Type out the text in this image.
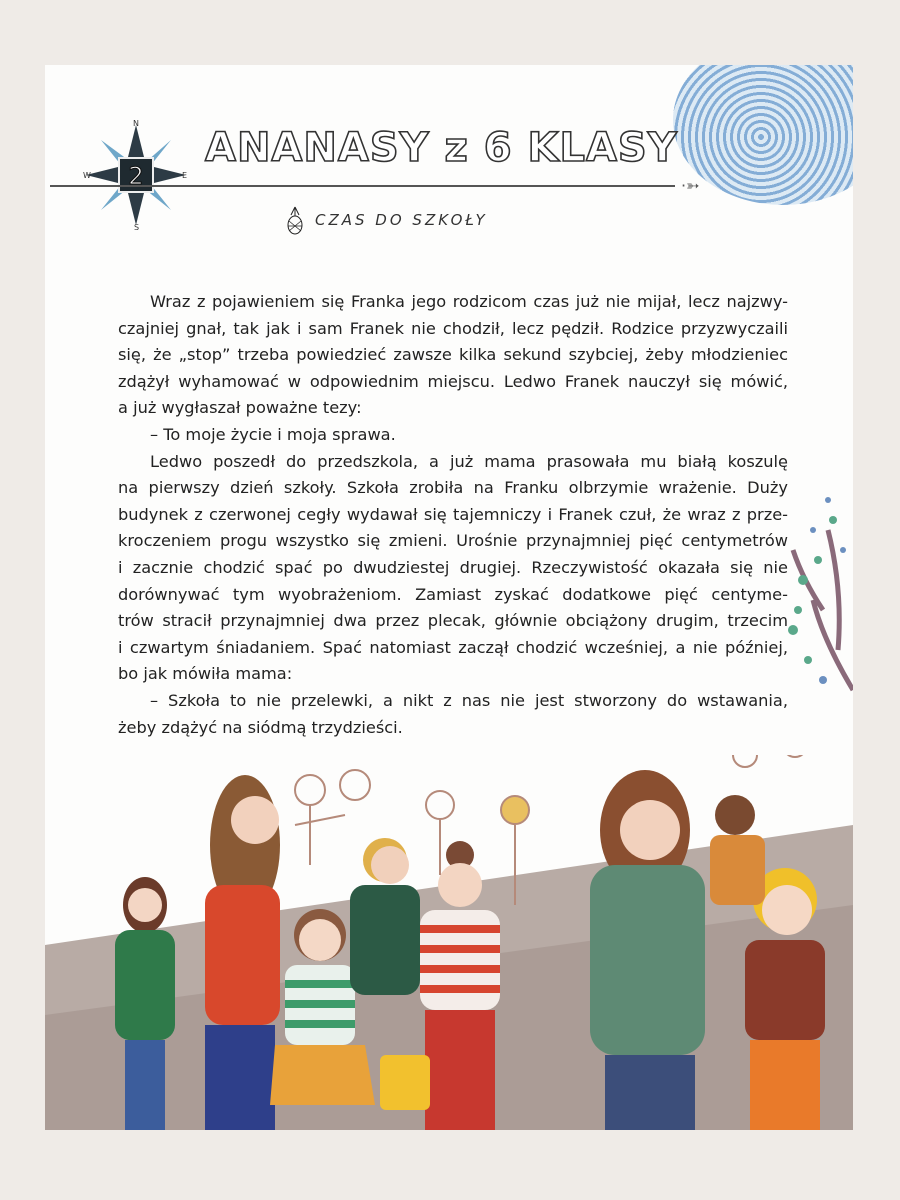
2
N
W	E
S
ANANASY z 6 KLASY
·➳
CZAS DO SZKOŁY
Wraz z pojawieniem się Franka jego rodzicom czas już nie mijał, lecz najzwy-
czajniej gnał, tak jak i sam Franek nie chodził, lecz pędził. Rodzice przyzwyczaili
się, że „stop” trzeba powiedzieć zawsze kilka sekund szybciej, żeby młodzieniec
zdążył wyhamować w odpowiednim miejscu. Ledwo Franek nauczył się mówić,
a już wygłaszał poważne tezy:
– To moje życie i moja sprawa.
Ledwo poszedł do przedszkola, a już mama prasowała mu białą koszulę
na pierwszy dzień szkoły. Szkoła zrobiła na Franku olbrzymie wrażenie. Duży
budynek z czerwonej cegły wydawał się tajemniczy i Franek czuł, że wraz z prze-
kroczeniem progu wszystko się zmieni. Urośnie przynajmniej pięć centymetrów
i zacznie chodzić spać po dwudziestej drugiej. Rzeczywistość okazała się nie
dorównywać tym wyobrażeniom. Zamiast zyskać dodatkowe pięć centyme-
trów stracił przynajmniej dwa przez plecak, głównie obciążony drugim, trzecim
i czwartym śniadaniem. Spać natomiast zaczął chodzić wcześniej, a nie później,
bo jak mówiła mama:
– Szkoła to nie przelewki, a nikt z nas nie jest stworzony do wstawania,
żeby zdążyć na siódmą trzydzieści.
